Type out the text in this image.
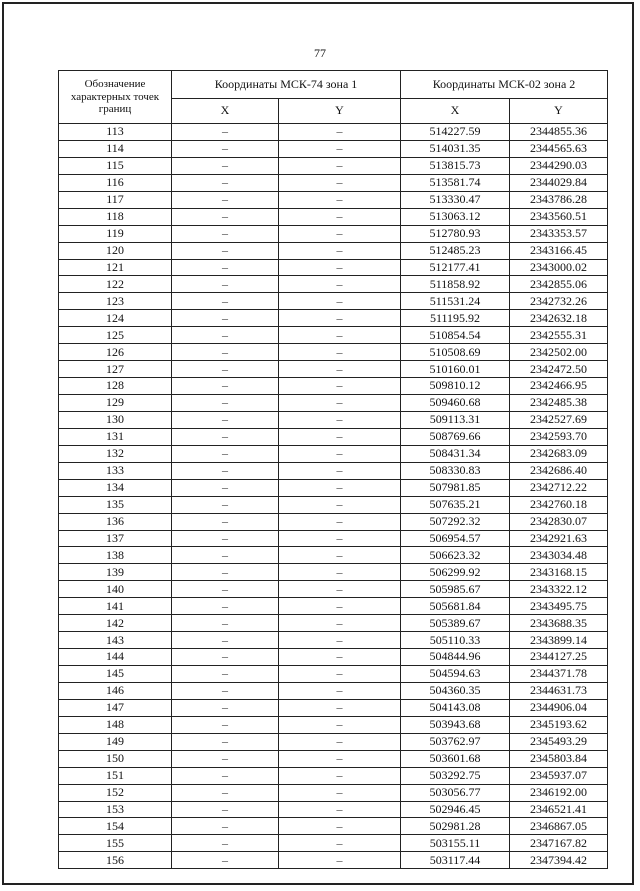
77
Обозначение характерных точек границ	Координаты МСК-74 зона 1		Координаты МСК-02 зона 2	
	X	Y	X	Y
113	–	–	514227.59	2344855.36
114	–	–	514031.35	2344565.63
115	–	–	513815.73	2344290.03
116	–	–	513581.74	2344029.84
117	–	–	513330.47	2343786.28
118	–	–	513063.12	2343560.51
119	–	–	512780.93	2343353.57
120	–	–	512485.23	2343166.45
121	–	–	512177.41	2343000.02
122	–	–	511858.92	2342855.06
123	–	–	511531.24	2342732.26
124	–	–	511195.92	2342632.18
125	–	–	510854.54	2342555.31
126	–	–	510508.69	2342502.00
127	–	–	510160.01	2342472.50
128	–	–	509810.12	2342466.95
129	–	–	509460.68	2342485.38
130	–	–	509113.31	2342527.69
131	–	–	508769.66	2342593.70
132	–	–	508431.34	2342683.09
133	–	–	508330.83	2342686.40
134	–	–	507981.85	2342712.22
135	–	–	507635.21	2342760.18
136	–	–	507292.32	2342830.07
137	–	–	506954.57	2342921.63
138	–	–	506623.32	2343034.48
139	–	–	506299.92	2343168.15
140	–	–	505985.67	2343322.12
141	–	–	505681.84	2343495.75
142	–	–	505389.67	2343688.35
143	–	–	505110.33	2343899.14
144	–	–	504844.96	2344127.25
145	–	–	504594.63	2344371.78
146	–	–	504360.35	2344631.73
147	–	–	504143.08	2344906.04
148	–	–	503943.68	2345193.62
149	–	–	503762.97	2345493.29
150	–	–	503601.68	2345803.84
151	–	–	503292.75	2345937.07
152	–	–	503056.77	2346192.00
153	–	–	502946.45	2346521.41
154	–	–	502981.28	2346867.05
155	–	–	503155.11	2347167.82
156	–	–	503117.44	2347394.42
